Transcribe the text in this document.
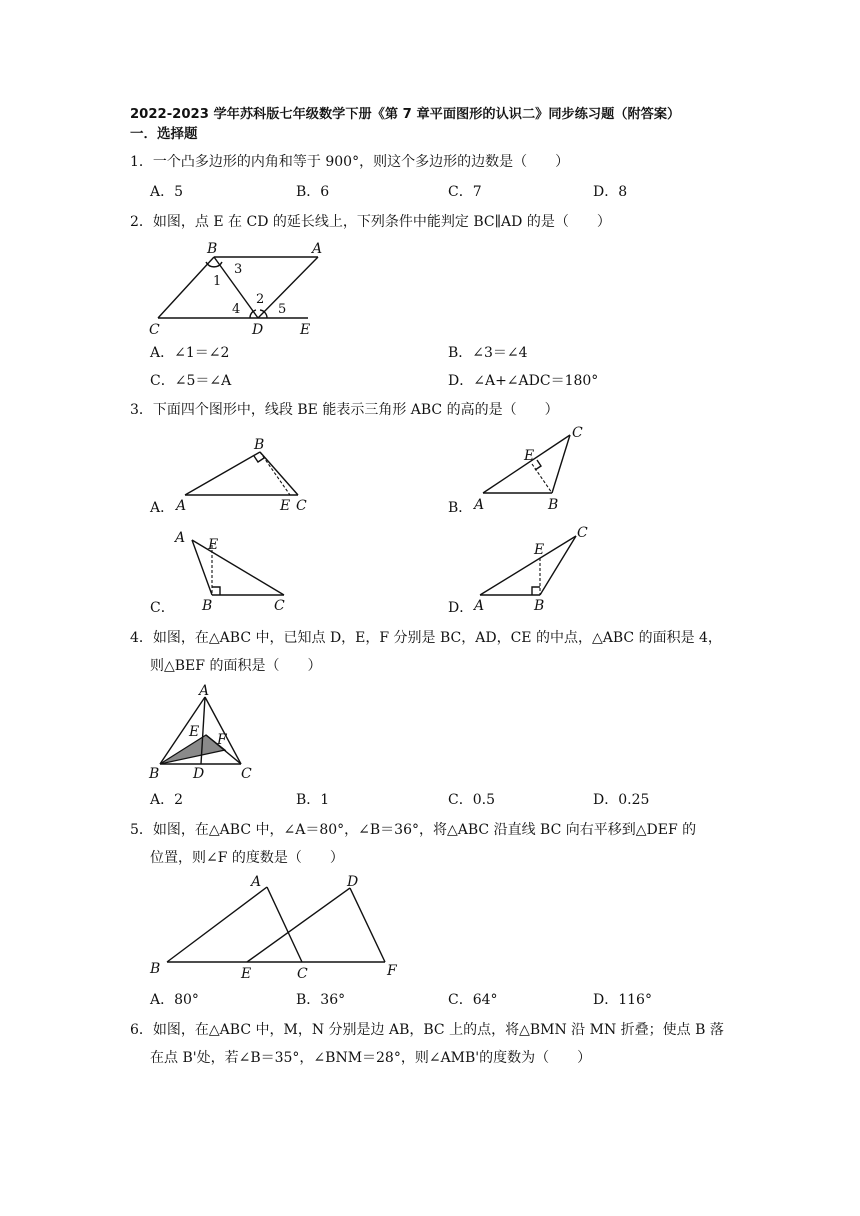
2022-2023 学年苏科版七年级数学下册《第 7 章平面图形的认识二》同步练习题（附答案）
一．选择题
1．一个凸多边形的内角和等于 900°，则这个多边形的边数是（　　）
A．5	B．6	C．7	D．8
2．如图，点 E 在 CD 的延长线上，下列条件中能判定 BC∥AD 的是（　　）
B	A
3
1
4
2
5
C	D	E
A．∠1＝∠2	B．∠3＝∠4
C．∠5＝∠A	D．∠A+∠ADC＝180°
3．下面四个图形中，线段 BE 能表示三角形 ABC 的高的是（　　）
A．
B
A	E C	B．
C
E
A	B
C．
A E
B	C	D．
C
E
A	B
4．如图，在△ABC 中，已知点 D，E，F 分别是 BC，AD，CE 的中点，△ABC 的面积是 4，
则△BEF 的面积是（　　）
A
E F
B D	C
A．2	B．1	C．0.5	D．0.25
5．如图，在△ABC 中，∠A＝80°，∠B＝36°，将△ABC 沿直线 BC 向右平移到△DEF 的
位置，则∠F 的度数是（　　）
A	D
B	E	C	F
A．80°	B．36°	C．64°	D．116°
6．如图，在△ABC 中，M，N 分别是边 AB，BC 上的点，将△BMN 沿 MN 折叠；使点 B 落
在点 B'处，若∠B＝35°，∠BNM＝28°，则∠AMB'的度数为（　　）
